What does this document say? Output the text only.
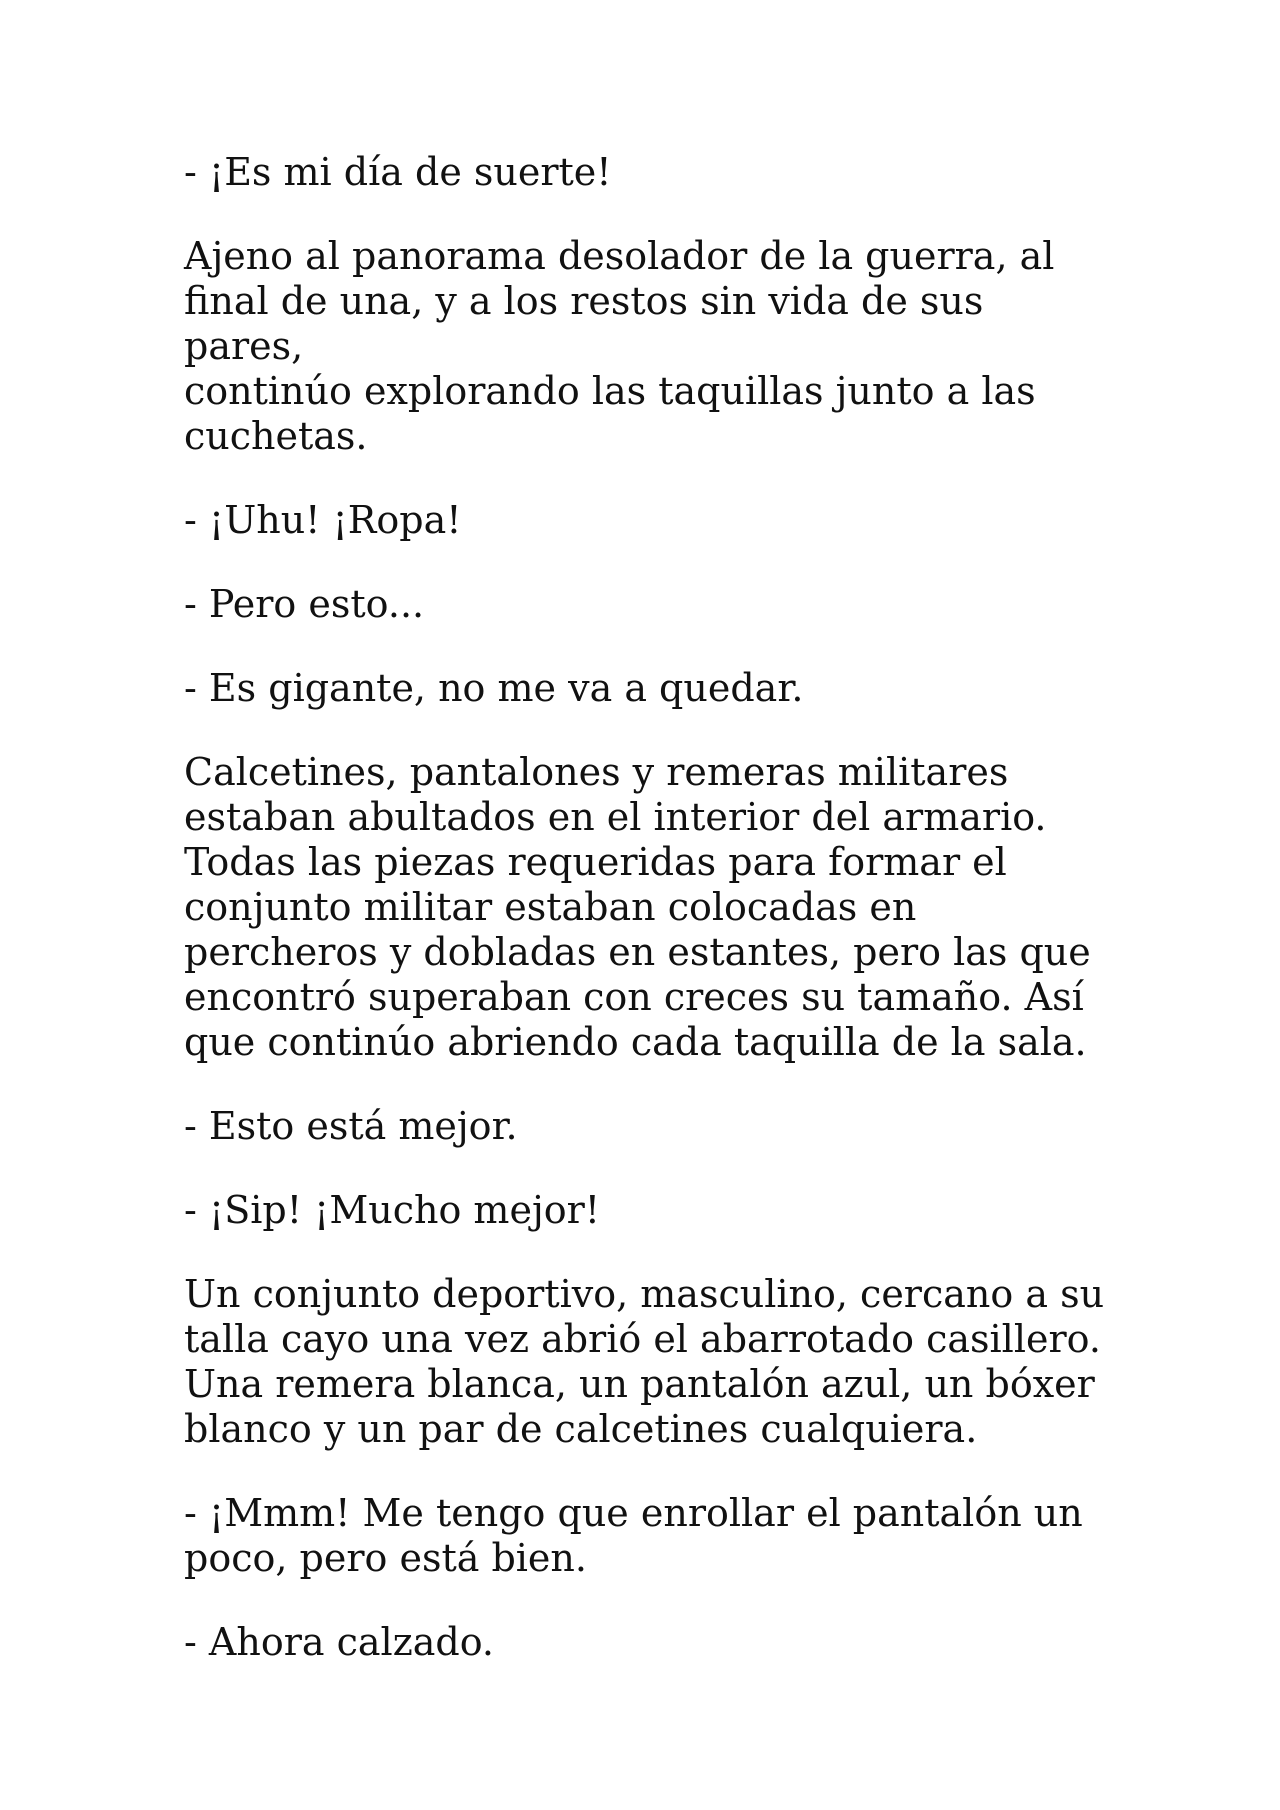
- ¡Es mi día de suerte!

Ajeno al panorama desolador de la guerra, al
final de una, y a los restos sin vida de sus pares,
continúo explorando las taquillas junto a las
cuchetas.

- ¡Uhu! ¡Ropa!

- Pero esto...

- Es gigante, no me va a quedar.

Calcetines, pantalones y remeras militares
estaban abultados en el interior del armario.
Todas las piezas requeridas para formar el
conjunto militar estaban colocadas en
percheros y dobladas en estantes, pero las que
encontró superaban con creces su tamaño. Así
que continúo abriendo cada taquilla de la sala.

- Esto está mejor.

- ¡Sip! ¡Mucho mejor!

Un conjunto deportivo, masculino, cercano a su
talla cayo una vez abrió el abarrotado casillero.
Una remera blanca, un pantalón azul, un bóxer
blanco y un par de calcetines cualquiera.

- ¡Mmm! Me tengo que enrollar el pantalón un
poco, pero está bien.

- Ahora calzado.
